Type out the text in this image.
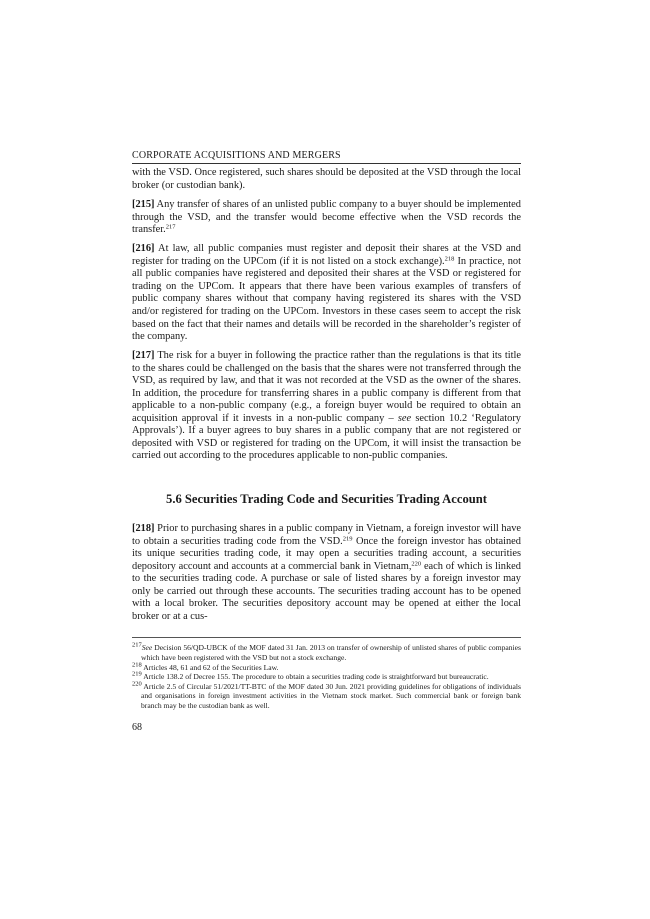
CORPORATE ACQUISITIONS AND MERGERS

with the VSD. Once registered, such shares should be deposited at the VSD through the local broker (or custodian bank).

[215] Any transfer of shares of an unlisted public company to a buyer should be implemented through the VSD, and the transfer would become effective when the VSD records the transfer.$^{217}$

[216] At law, all public companies must register and deposit their shares at the VSD and register for trading on the UPCom (if it is not listed on a stock exchange).$^{218}$ In practice, not all public companies have registered and deposited their shares at the VSD or registered for trading on the UPCom. It appears that there have been various examples of transfers of public company shares without that company having registered its shares with the VSD and/or registered for trading on the UPCom. Investors in these cases seem to accept the risk based on the fact that their names and details will be recorded in the shareholder’s register of the company.

[217] The risk for a buyer in following the practice rather than the regulations is that its title to the shares could be challenged on the basis that the shares were not transferred through the VSD, as required by law, and that it was not recorded at the VSD as the owner of the shares. In addition, the procedure for transferring shares in a public company is different from that applicable to a non-public company (e.g., a foreign buyer would be required to obtain an acquisition approval if it invests in a non-public company – see section 10.2 ‘Regulatory Approvals’). If a buyer agrees to buy shares in a public company that are not registered or deposited with VSD or registered for trading on the UPCom, it will insist the transaction be carried out according to the procedures applicable to non-public companies.

5.6 Securities Trading Code and Securities Trading Account

[218] Prior to purchasing shares in a public company in Vietnam, a foreign investor will have to obtain a securities trading code from the VSD.$^{219}$ Once the foreign investor has obtained its unique securities trading code, it may open a securities trading account, a securities depository account and accounts at a commercial bank in Vietnam,$^{220}$ each of which is linked to the securities trading code. A purchase or sale of listed shares by a foreign investor may only be carried out through these accounts. The securities trading account has to be opened with a local broker. The securities depository account may be opened at either the local broker or at a cus-

$^{217}$See Decision 56/QD-UBCK of the MOF dated 31 Jan. 2013 on transfer of ownership of unlisted shares of public companies which have been registered with the VSD but not a stock exchange.

$^{218}$ Articles 48, 61 and 62 of the Securities Law.

$^{219}$ Article 138.2 of Decree 155. The procedure to obtain a securities trading code is straightforward but bureaucratic.

$^{220}$ Article 2.5 of Circular 51/2021/TT-BTC of the MOF dated 30 Jun. 2021 providing guidelines for obligations of individuals and organisations in foreign investment activities in the Vietnam stock market. Such commercial bank or foreign bank branch may be the custodian bank as well.

68
